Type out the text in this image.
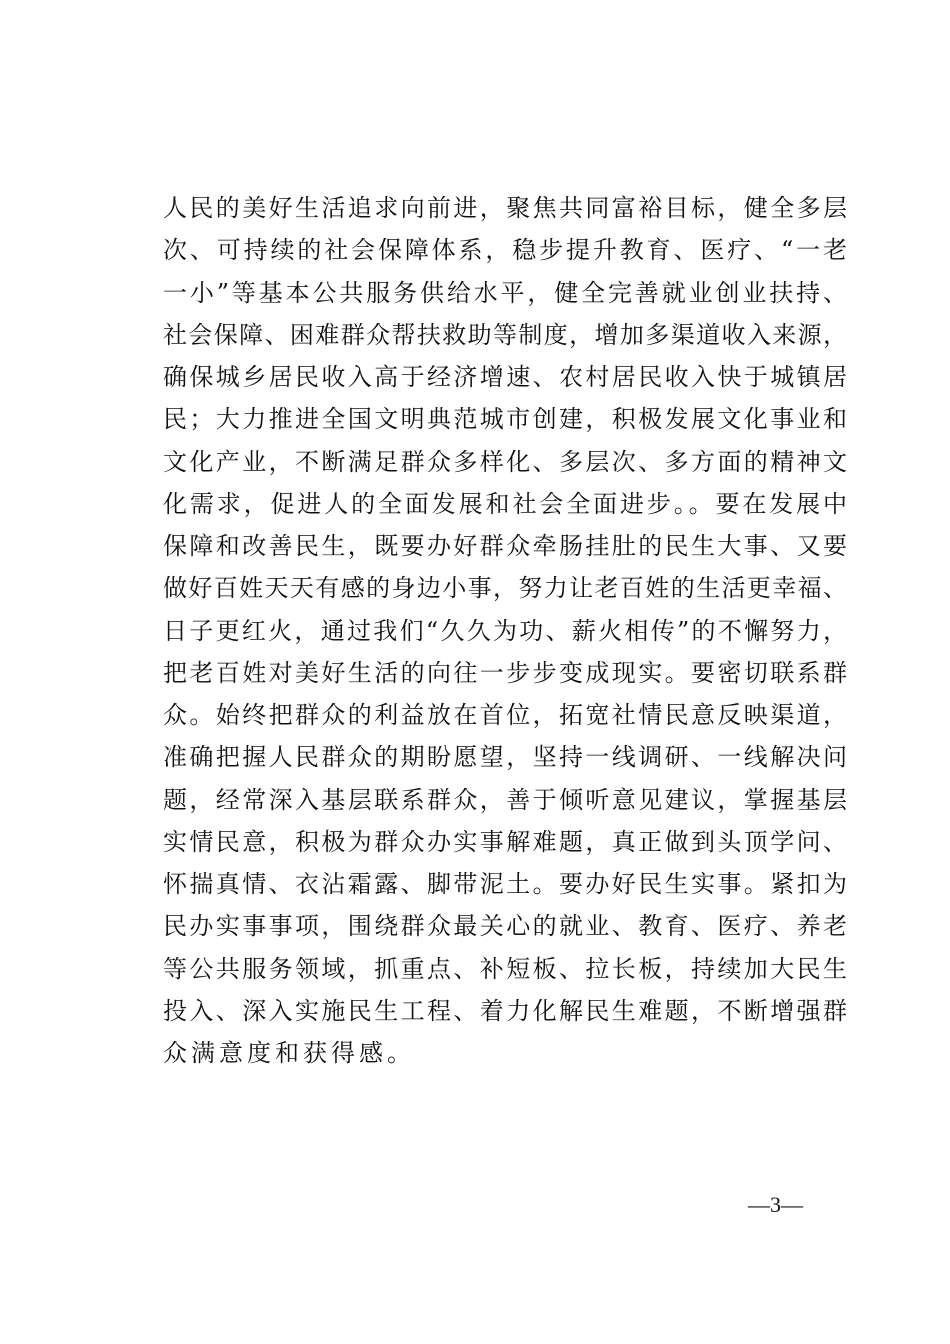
人民的美好生活追求向前进，聚焦共同富裕目标，健全多层
次、可持续的社会保障体系，稳步提升教育、医疗、“一老
一小”等基本公共服务供给水平，健全完善就业创业扶持、
社会保障、困难群众帮扶救助等制度，增加多渠道收入来源，
确保城乡居民收入高于经济增速、农村居民收入快于城镇居
民；大力推进全国文明典范城市创建，积极发展文化事业和
文化产业，不断满足群众多样化、多层次、多方面的精神文
化需求，促进人的全面发展和社会全面进步。。要在发展中
保障和改善民生，既要办好群众牵肠挂肚的民生大事、又要
做好百姓天天有感的身边小事，努力让老百姓的生活更幸福、
日子更红火，通过我们“久久为功、薪火相传”的不懈努力，
把老百姓对美好生活的向往一步步变成现实。要密切联系群
众。始终把群众的利益放在首位，拓宽社情民意反映渠道，
准确把握人民群众的期盼愿望，坚持一线调研、一线解决问
题，经常深入基层联系群众，善于倾听意见建议，掌握基层
实情民意，积极为群众办实事解难题，真正做到头顶学问、
怀揣真情、衣沾霜露、脚带泥土。要办好民生实事。紧扣为
民办实事事项，围绕群众最关心的就业、教育、医疗、养老
等公共服务领域，抓重点、补短板、拉长板，持续加大民生
投入、深入实施民生工程、着力化解民生难题，不断增强群
众满意度和获得感。
—3—
